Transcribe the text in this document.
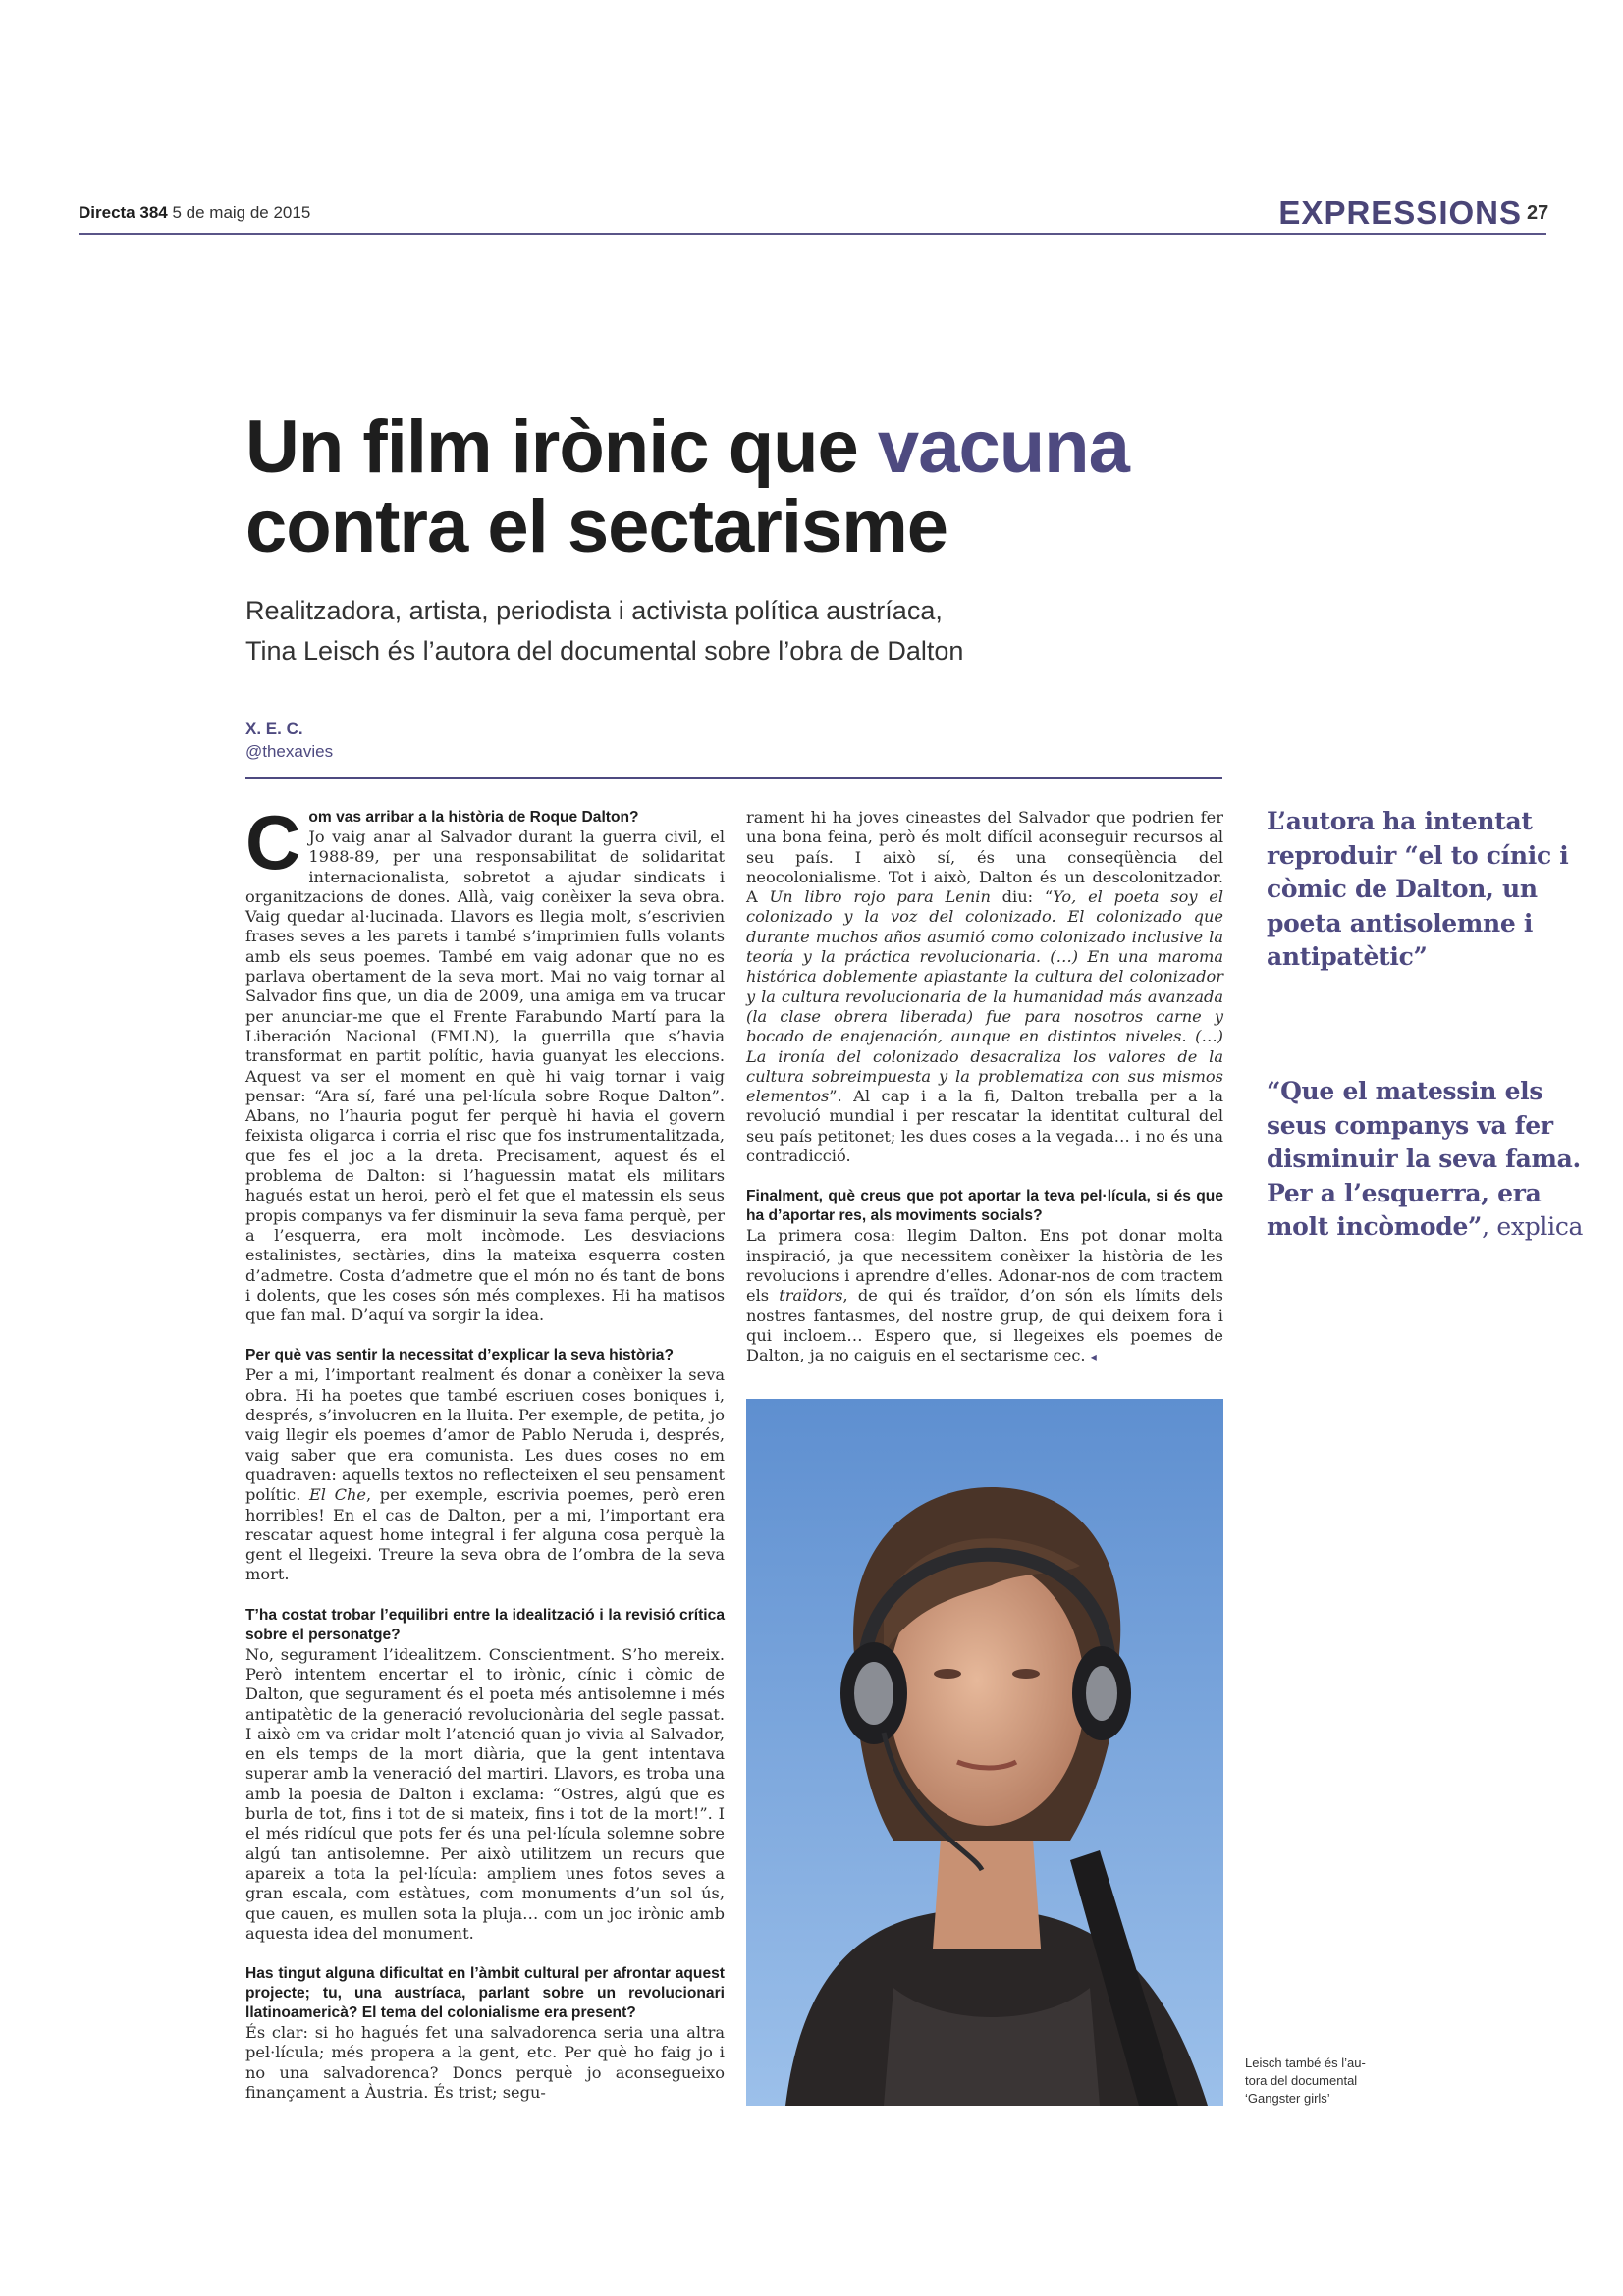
Directa 384 5 de maig de 2015	EXPRESSIONS 27
Un film irònic que vacuna
contra el sectarisme
Realitzadora, artista, periodista i activista política austríaca,
Tina Leisch és l’autora del documental sobre l’obra de Dalton
X. E. C.
@thexavies
C om vas arribar a la història de Roque Dalton?

Jo vaig anar al Salvador durant la guerra civil, el 1988-89, per una responsabilitat de solidaritat internacionalista, sobretot a ajudar sindicats i organitzacions de dones. Allà, vaig conèixer la seva obra. Vaig quedar al·lucinada. Llavors es llegia molt, s’escrivien frases seves a les parets i també s’imprimien fulls volants amb els seus poemes. També em vaig adonar que no es parlava obertament de la seva mort. Mai no vaig tornar al Salvador fins que, un dia de 2009, una amiga em va trucar per anunciar-me que el Frente Farabundo Martí para la Liberación Nacional (FMLN), la guerrilla que s’havia transformat en partit polític, havia guanyat les eleccions. Aquest va ser el moment en què hi vaig tornar i vaig pensar: “Ara sí, faré una pel·lícula sobre Roque Dalton”. Abans, no l’hauria pogut fer perquè hi havia el govern feixista oligarca i corria el risc que fos instrumentalitzada, que fes el joc a la dreta. Precisament, aquest és el problema de Dalton: si l’haguessin matat els militars hagués estat un heroi, però el fet que el matessin els seus propis companys va fer disminuir la seva fama perquè, per a l’esquerra, era molt incòmode. Les desviacions estalinistes, sectàries, dins la mateixa esquerra costen d’admetre. Costa d’admetre que el món no és tant de bons i dolents, que les coses són més complexes. Hi ha matisos que fan mal. D’aquí va sorgir la idea.

Per què vas sentir la necessitat d’explicar la seva història?

Per a mi, l’important realment és donar a conèixer la seva obra. Hi ha poetes que també escriuen coses boniques i, després, s’involucren en la lluita. Per exemple, de petita, jo vaig llegir els poemes d’amor de Pablo Neruda i, després, vaig saber que era comunista. Les dues coses no em quadraven: aquells textos no reflecteixen el seu pensament polític. El Che, per exemple, escrivia poemes, però eren horribles! En el cas de Dalton, per a mi, l’important era rescatar aquest home integral i fer alguna cosa perquè la gent el llegeixi. Treure la seva obra de l’ombra de la seva mort.

T’ha costat trobar l’equilibri entre la idealització i la revisió crítica sobre el personatge?

No, segurament l’idealitzem. Conscientment. S’ho mereix. Però intentem encertar el to irònic, cínic i còmic de Dalton, que segurament és el poeta més antisolemne i més antipatètic de la generació revolucionària del segle passat. I això em va cridar molt l’atenció quan jo vivia al Salvador, en els temps de la mort diària, que la gent intentava superar amb la veneració del martiri. Llavors, es troba una amb la poesia de Dalton i exclama: “Ostres, algú que es burla de tot, fins i tot de si mateix, fins i tot de la mort!”. I el més ridícul que pots fer és una pel·lícula solemne sobre algú tan antisolemne. Per això utilitzem un recurs que apareix a tota la pel·lícula: ampliem unes fotos seves a gran escala, com estàtues, com monuments d’un sol ús, que cauen, es mullen sota la pluja… com un joc irònic amb aquesta idea del monument.

Has tingut alguna dificultat en l’àmbit cultural per afrontar aquest projecte; tu, una austríaca, parlant sobre un revolucionari llatinoamericà? El tema del colonialisme era present?

És clar: si ho hagués fet una salvadorenca seria una altra pel·lícula; més propera a la gent, etc. Per què ho faig jo i no una salvadorenca? Doncs perquè jo aconsegueixo finançament a Àustria. És trist; segu-

rament hi ha joves cineastes del Salvador que podrien fer una bona feina, però és molt difícil aconseguir recursos al seu país. I això sí, és una conseqüència del neocolonialisme. Tot i això, Dalton és un descolonitzador. A Un libro rojo para Lenin diu: “Yo, el poeta soy el colonizado y la voz del colonizado. El colonizado que durante muchos años asumió como colonizado inclusive la teoría y la práctica revolucionaria. (…) En una maroma histórica doblemente aplastante la cultura del colonizador y la cultura revolucionaria de la humanidad más avanzada (la clase obrera liberada) fue para nosotros carne y bocado de enajenación, aunque en distintos niveles. (…) La ironía del colonizado desacraliza los valores de la cultura sobreimpuesta y la problematiza con sus mismos elementos”. Al cap i a la fi, Dalton treballa per a la revolució mundial i per rescatar la identitat cultural del seu país petitonet; les dues coses a la vegada… i no és una contradicció.

Finalment, què creus que pot aportar la teva pel·lícula, si és que ha d’aportar res, als moviments socials?

La primera cosa: llegim Dalton. Ens pot donar molta inspiració, ja que necessitem conèixer la història de les revolucions i aprendre d’elles. Adonar-nos de com tractem els traïdors, de qui és traïdor, d’on són els límits dels nostres fantasmes, del nostre grup, de qui deixem fora i qui incloem… Espero que, si llegeixes els poemes de Dalton, ja no caiguis en el sectarisme cec. ◂

Leisch també és l’au-
tora del documental
‘Gangster girls’
L’autora ha intentat reproduir “el to cínic i còmic de Dalton, un poeta antisolemne i antipatètic”
“Que el matessin els seus companys va fer disminuir la seva fama. Per a l’esquerra, era molt incòmode”, explica
